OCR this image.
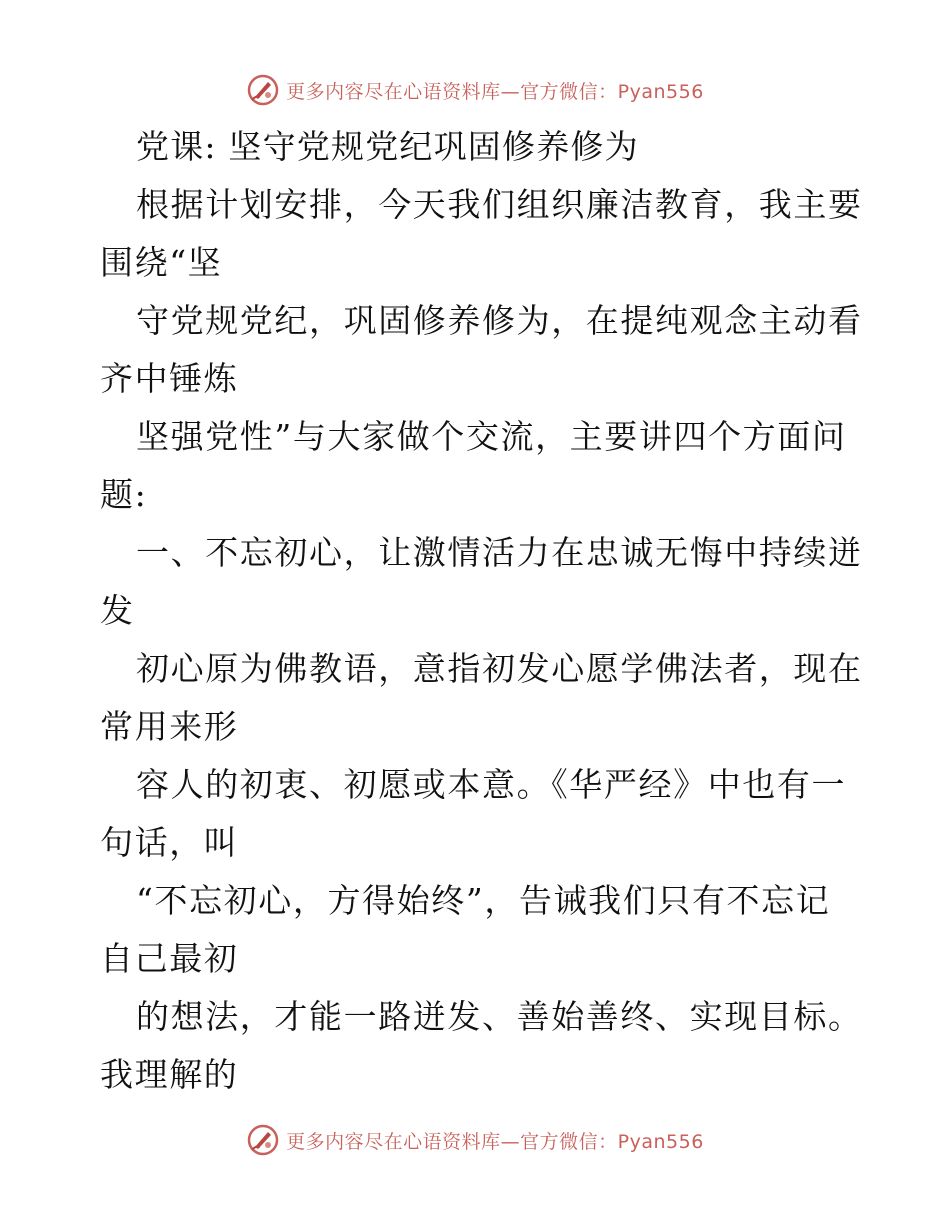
更多内容尽在心语资料库—官方微信：Pyan556
党课: 坚守党规党纪巩固修养修为
根据计划安排，今天我们组织廉洁教育，我主要
围绕“坚
守党规党纪，巩固修养修为，在提纯观念主动看
齐中锤炼
坚强党性”与大家做个交流，主要讲四个方面问
题:
一、不忘初心，让激情活力在忠诚无悔中持续迸
发
初心原为佛教语，意指初发心愿学佛法者，现在
常用来形
容人的初衷、初愿或本意。《华严经》中也有一
句话，叫
“不忘初心，方得始终”，告诫我们只有不忘记
自己最初
的想法，才能一路迸发、善始善终、实现目标。
我理解的
更多内容尽在心语资料库—官方微信：Pyan556
